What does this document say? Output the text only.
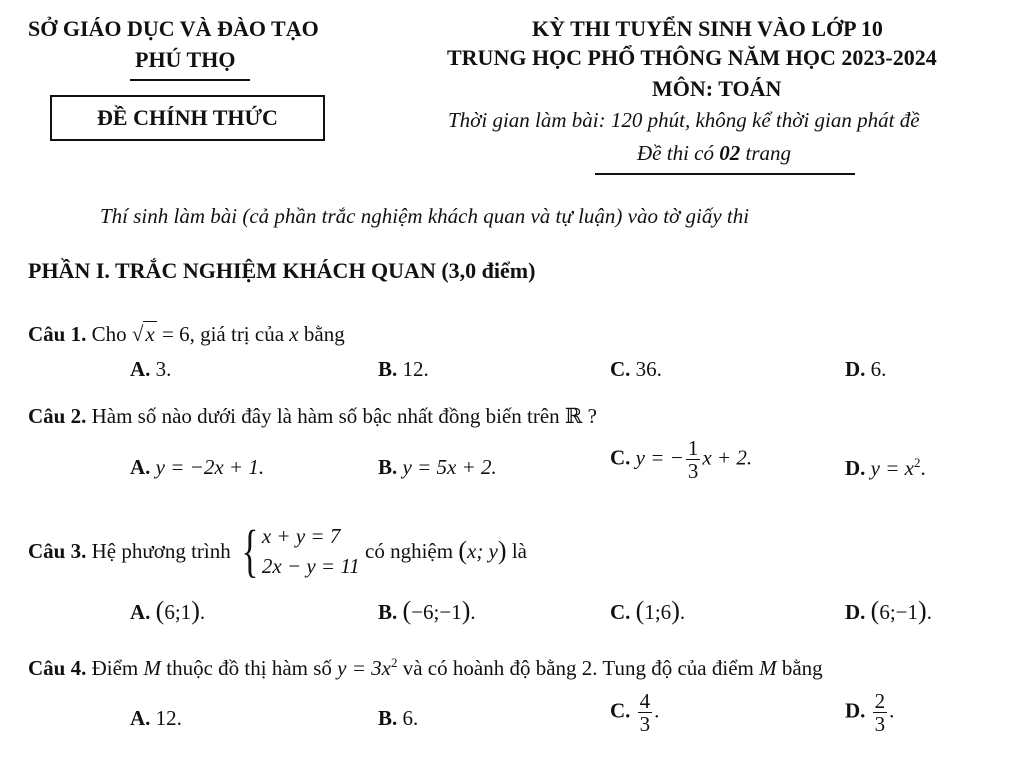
SỞ GIÁO DỤC VÀ ĐÀO TẠO
PHÚ THỌ
ĐỀ CHÍNH THỨC
KỲ THI TUYỂN SINH VÀO LỚP 10
TRUNG HỌC PHỔ THÔNG NĂM HỌC 2023-2024
MÔN: TOÁN
Thời gian làm bài: 120 phút, không kể thời gian phát đề
Đề thi có 02 trang
Thí sinh làm bài (cả phần trắc nghiệm khách quan và tự luận) vào tờ giấy thi
PHẦN I. TRẮC NGHIỆM KHÁCH QUAN (3,0 điểm)
Câu 1. Cho √x = 6, giá trị của x bằng
A. 3.	B. 12.	C. 36.	D. 6.
Câu 2. Hàm số nào dưới đây là hàm số bậc nhất đồng biến trên ℝ ?
A. y = −2x + 1.	B. y = 5x + 2.	C. y = − $\frac{1}{3}$ x + 2.	D. $y = x^2$.
Câu 3.
Hệ phương trình
{ x + y = 7
2x − y = 11

có nghiệm
( x; y )
là
A. (6;1).	B. (−6;−1).	C. (1;6).	D. (6;−1).
Câu 4. Điểm M thuộc đồ thị hàm số $y = 3x^2$ và có hoành độ bằng 2. Tung độ của điểm M bằng
A. 12.	B. 6.	C. $\frac{4}{3}$ .	D. $\frac{2}{3}$ .
